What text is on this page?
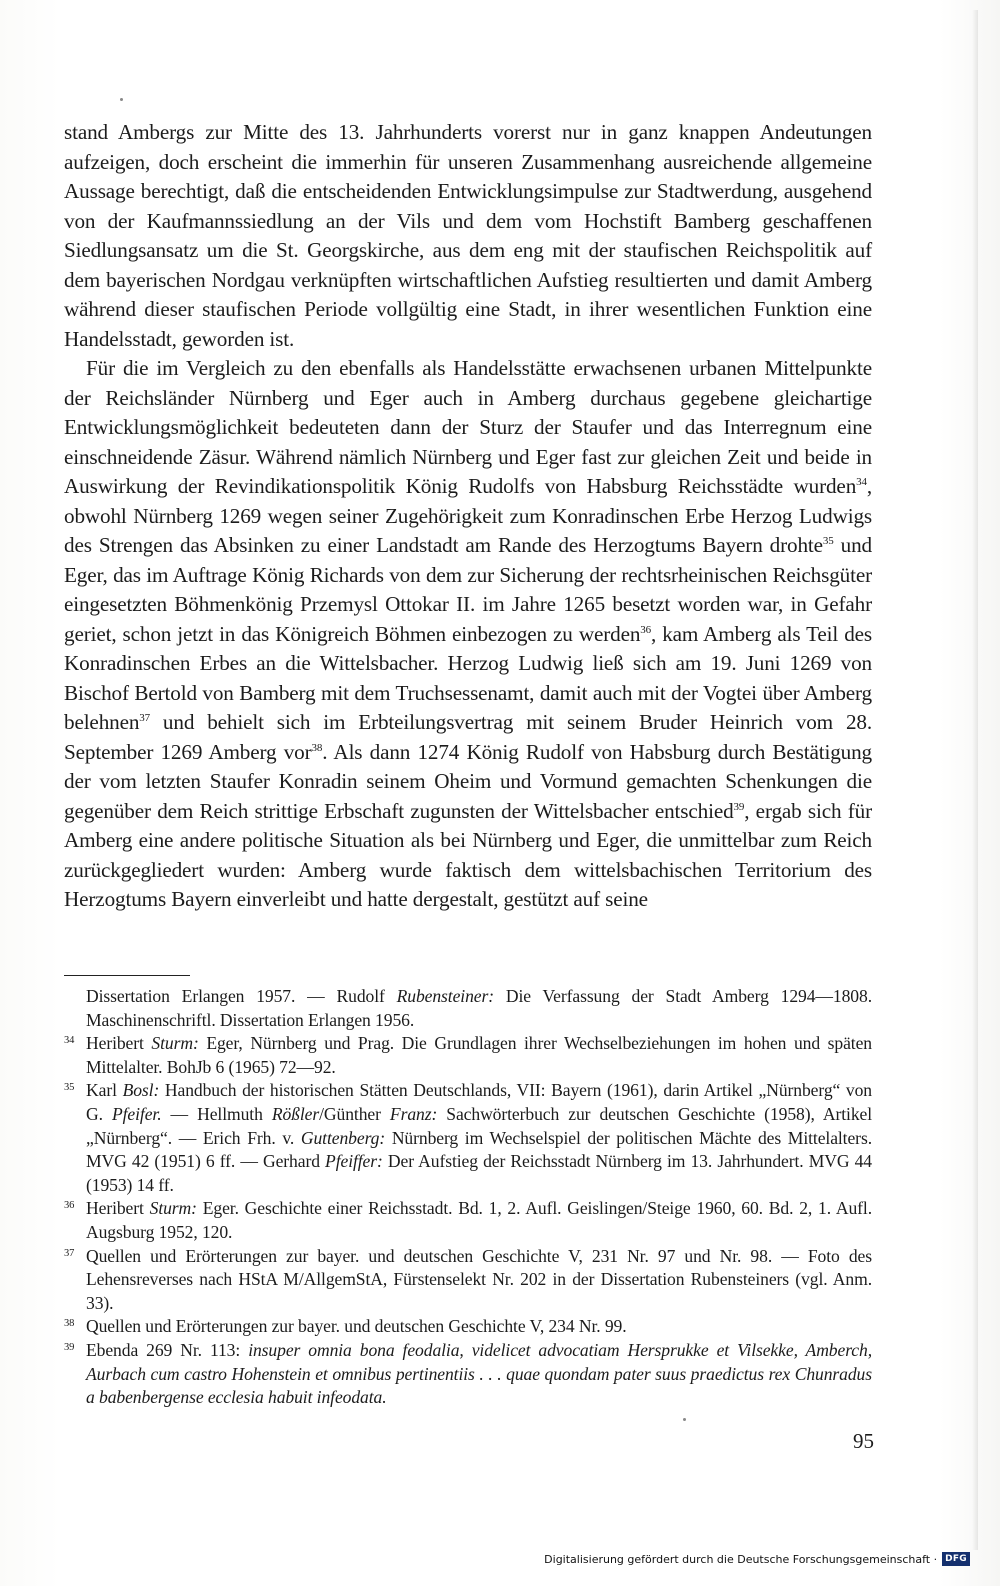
stand Ambergs zur Mitte des 13. Jahrhunderts vorerst nur in ganz knappen Andeutungen aufzeigen, doch erscheint die immerhin für unseren Zusammenhang ausreichende allgemeine Aussage berechtigt, daß die entscheidenden Entwicklungsimpulse zur Stadtwerdung, ausgehend von der Kaufmannssiedlung an der Vils und dem vom Hochstift Bamberg geschaffenen Siedlungsansatz um die St. Georgskirche, aus dem eng mit der staufischen Reichspolitik auf dem bayerischen Nordgau verknüpften wirtschaftlichen Aufstieg resultierten und damit Amberg während dieser staufischen Periode vollgültig eine Stadt, in ihrer wesentlichen Funktion eine Handelsstadt, geworden ist.

Für die im Vergleich zu den ebenfalls als Handelsstätte erwachsenen urbanen Mittelpunkte der Reichsländer Nürnberg und Eger auch in Amberg durchaus gegebene gleichartige Entwicklungsmöglichkeit bedeuteten dann der Sturz der Staufer und das Interregnum eine einschneidende Zäsur. Während nämlich Nürnberg und Eger fast zur gleichen Zeit und beide in Auswirkung der Revindikationspolitik König Rudolfs von Habsburg Reichsstädte wurden$^{34}$, obwohl Nürnberg 1269 wegen seiner Zugehörigkeit zum Konradinschen Erbe Herzog Ludwigs des Strengen das Absinken zu einer Landstadt am Rande des Herzogtums Bayern drohte$^{35}$ und Eger, das im Auftrage König Richards von dem zur Sicherung der rechtsrheinischen Reichsgüter eingesetzten Böhmenkönig Przemysl Ottokar II. im Jahre 1265 besetzt worden war, in Gefahr geriet, schon jetzt in das Königreich Böhmen einbezogen zu werden$^{36}$, kam Amberg als Teil des Konradinschen Erbes an die Wittelsbacher. Herzog Ludwig ließ sich am 19. Juni 1269 von Bischof Bertold von Bamberg mit dem Truchsessenamt, damit auch mit der Vogtei über Amberg belehnen$^{37}$ und behielt sich im Erbteilungsvertrag mit seinem Bruder Heinrich vom 28. September 1269 Amberg vor$^{38}$. Als dann 1274 König Rudolf von Habsburg durch Bestätigung der vom letzten Staufer Konradin seinem Oheim und Vormund gemachten Schenkungen die gegenüber dem Reich strittige Erbschaft zugunsten der Wittelsbacher entschied$^{39}$, ergab sich für Amberg eine andere politische Situation als bei Nürnberg und Eger, die unmittelbar zum Reich zurückgegliedert wurden: Amberg wurde faktisch dem wittelsbachischen Territorium des Herzogtums Bayern einverleibt und hatte dergestalt, gestützt auf seine

Dissertation Erlangen 1957. — Rudolf Rubensteiner: Die Verfassung der Stadt Amberg 1294—1808. Maschinenschriftl. Dissertation Erlangen 1956.
34 Heribert Sturm: Eger, Nürnberg und Prag. Die Grundlagen ihrer Wechselbeziehungen im hohen und späten Mittelalter. BohJb 6 (1965) 72—92.
35 Karl Bosl: Handbuch der historischen Stätten Deutschlands, VII: Bayern (1961), darin Artikel „Nürnberg“ von G. Pfeifer. — Hellmuth Rößler/Günther Franz: Sachwörterbuch zur deutschen Geschichte (1958), Artikel „Nürnberg“. — Erich Frh. v. Guttenberg: Nürnberg im Wechselspiel der politischen Mächte des Mittelalters. MVG 42 (1951) 6 ff. — Gerhard Pfeiffer: Der Aufstieg der Reichsstadt Nürnberg im 13. Jahrhundert. MVG 44 (1953) 14 ff.
36 Heribert Sturm: Eger. Geschichte einer Reichsstadt. Bd. 1, 2. Aufl. Geislingen/Steige 1960, 60. Bd. 2, 1. Aufl. Augsburg 1952, 120.
37 Quellen und Erörterungen zur bayer. und deutschen Geschichte V, 231 Nr. 97 und Nr. 98. — Foto des Lehensreverses nach HStA M/AllgemStA, Fürstenselekt Nr. 202 in der Dissertation Rubensteiners (vgl. Anm. 33).
38 Quellen und Erörterungen zur bayer. und deutschen Geschichte V, 234 Nr. 99.
39 Ebenda 269 Nr. 113: insuper omnia bona feodalia, videlicet advocatiam Hersprukke et Vilsekke, Amberch, Aurbach cum castro Hohenstein et omnibus pertinentiis . . . quae quondam pater suus praedictus rex Chunradus a babenbergense ecclesia habuit infeodata.
95
Digitalisierung gefördert durch die Deutsche Forschungsgemeinschaft · DFG
